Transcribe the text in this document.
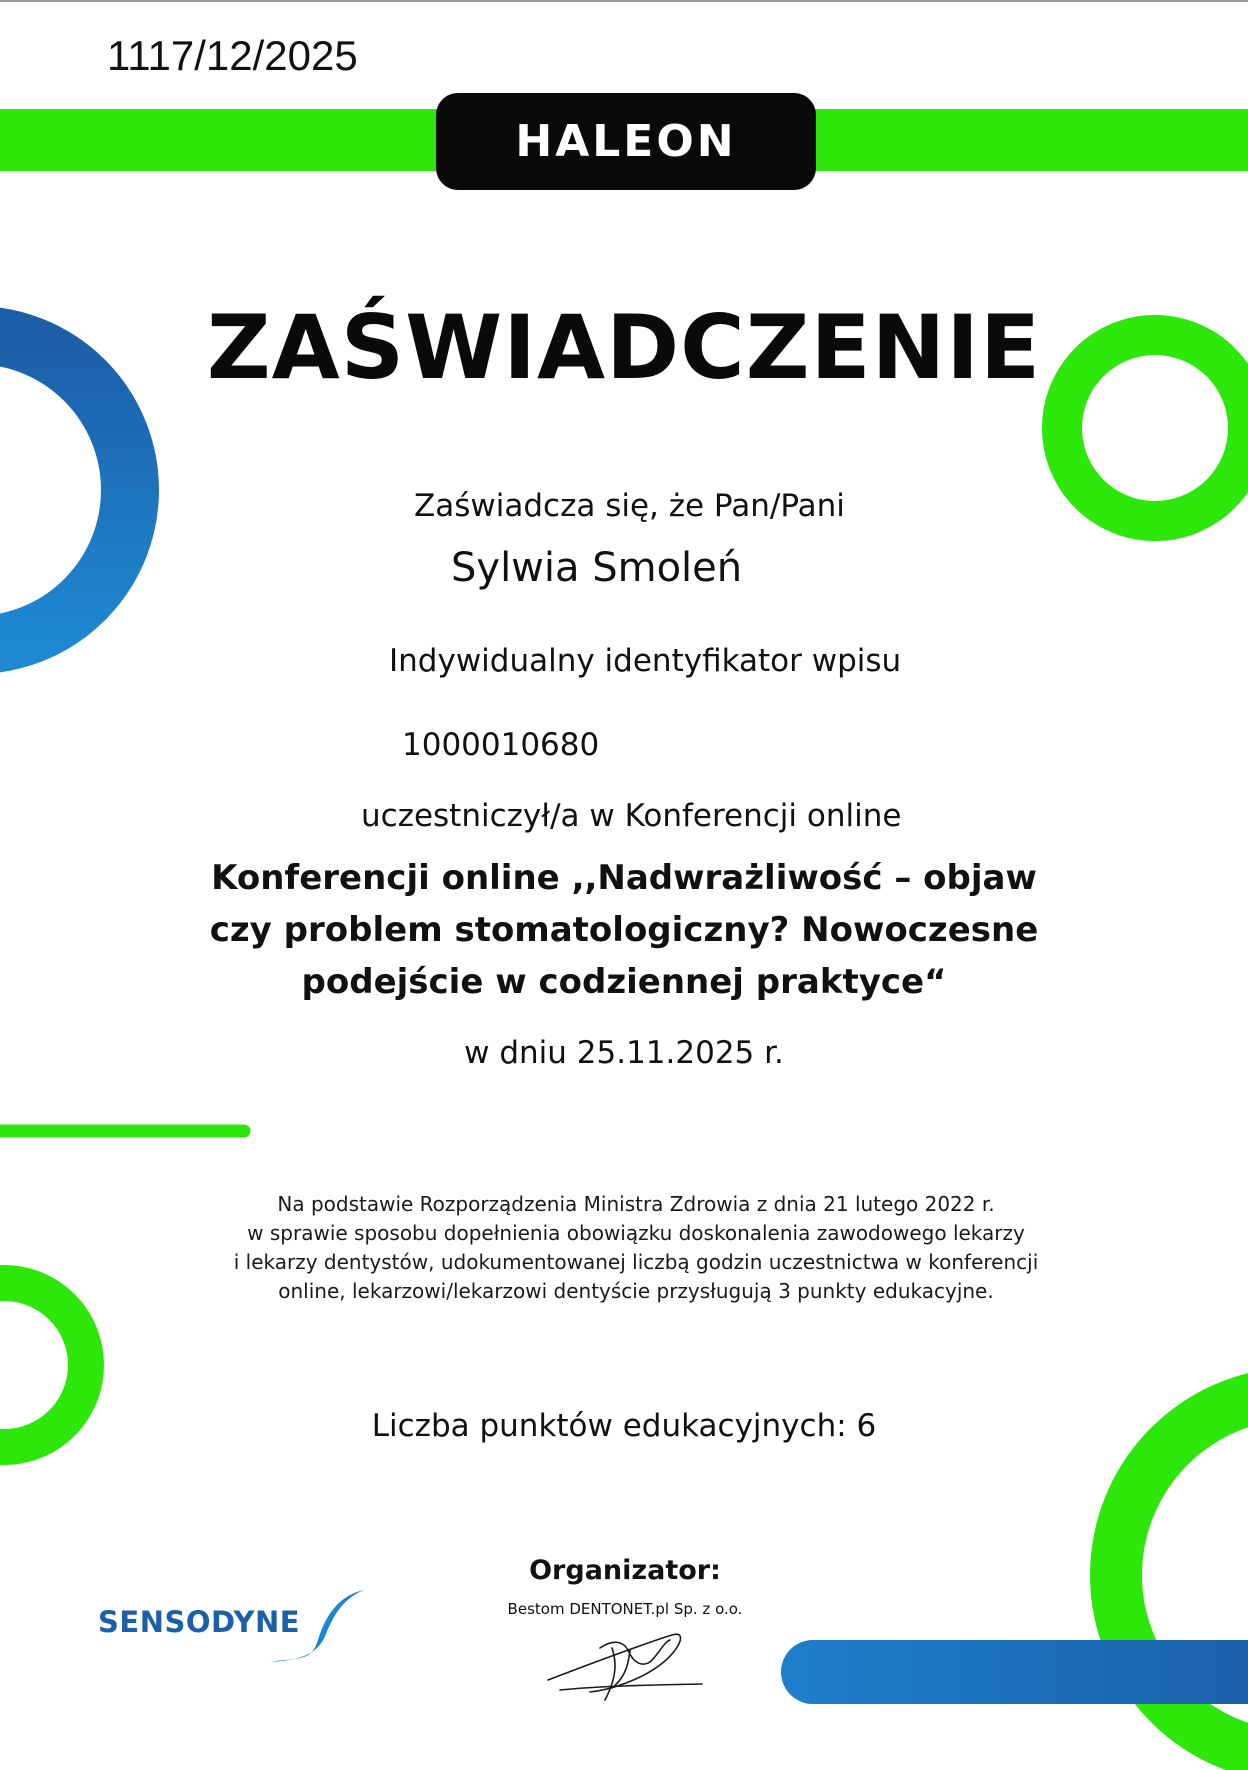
1117/12/2025
HALEON
ZAŚWIADCZENIE
Zaświadcza się, że Pan/Pani
Sylwia Smoleń
Indywidualny identyfikator wpisu
1000010680
uczestniczył/a w Konferencji online
Konferencji online ,,Nadwrażliwość – objaw
czy problem stomatologiczny? Nowoczesne
podejście w codziennej praktyce“
w dniu 25.11.2025 r.
Na podstawie Rozporządzenia Ministra Zdrowia z dnia 21 lutego 2022 r.
w sprawie sposobu dopełnienia obowiązku doskonalenia zawodowego lekarzy
i lekarzy dentystów, udokumentowanej liczbą godzin uczestnictwa w konferencji
online, lekarzowi/lekarzowi dentyście przysługują 3 punkty edukacyjne.
Liczba punktów edukacyjnych: 6
Organizator:
Bestom DENTONET.pl Sp. z o.o.
SENSODYNE
